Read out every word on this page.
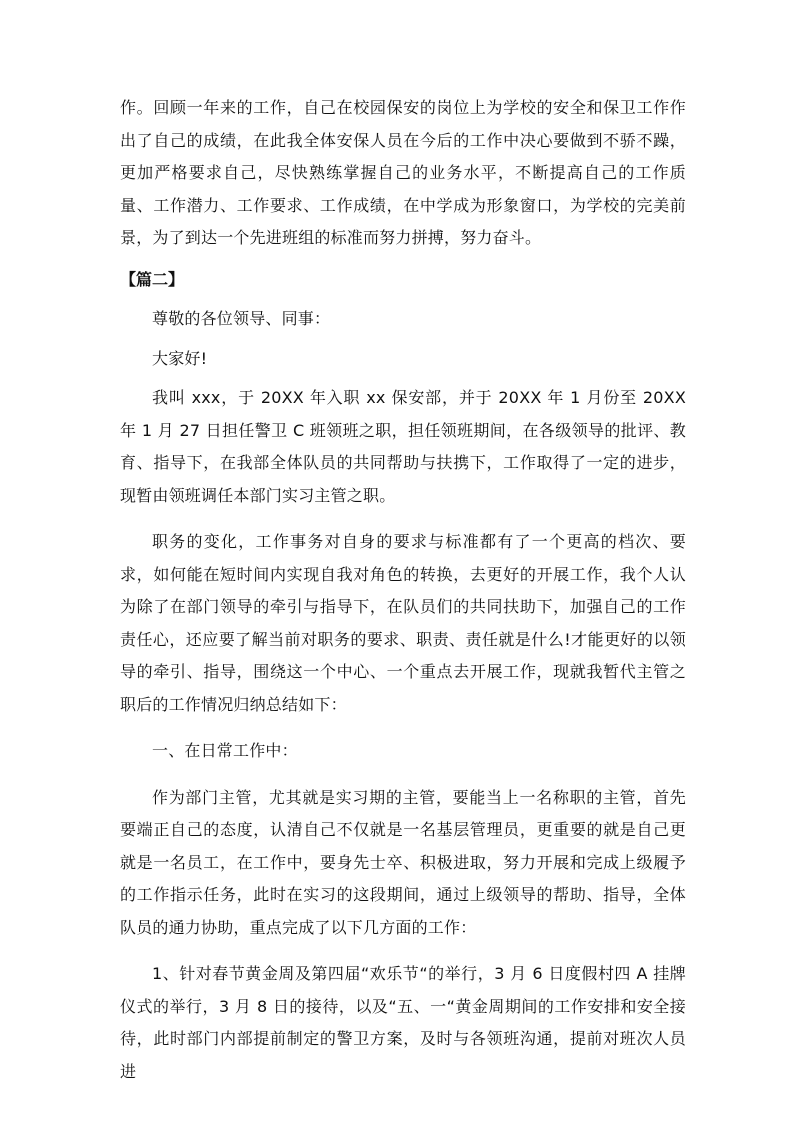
作。回顾一年来的工作，自己在校园保安的岗位上为学校的安全和保卫工作作出了自己的成绩，在此我全体安保人员在今后的工作中决心要做到不骄不躁，更加严格要求自己，尽快熟练掌握自己的业务水平，不断提高自己的工作质量、工作潜力、工作要求、工作成绩，在中学成为形象窗口，为学校的完美前景，为了到达一个先进班组的标准而努力拼搏，努力奋斗。

【篇二】

尊敬的各位领导、同事：

大家好!

我叫 xxx，于 20XX 年入职 xx 保安部，并于 20XX 年 1 月份至 20XX 年 1 月 27 日担任警卫 C 班领班之职，担任领班期间，在各级领导的批评、教育、指导下，在我部全体队员的共同帮助与扶携下，工作取得了一定的进步，现暂由领班调任本部门实习主管之职。

职务的变化，工作事务对自身的要求与标准都有了一个更高的档次、要求，如何能在短时间内实现自我对角色的转换，去更好的开展工作，我个人认为除了在部门领导的牵引与指导下，在队员们的共同扶助下，加强自己的工作责任心，还应要了解当前对职务的要求、职责、责任就是什么!才能更好的以领导的牵引、指导，围绕这一个中心、一个重点去开展工作，现就我暂代主管之职后的工作情况归纳总结如下：

一、在日常工作中：

作为部门主管，尤其就是实习期的主管，要能当上一名称职的主管，首先要端正自己的态度，认清自己不仅就是一名基层管理员，更重要的就是自己更就是一名员工，在工作中，要身先士卒、积极进取，努力开展和完成上级履予的工作指示任务，此时在实习的这段期间，通过上级领导的帮助、指导，全体队员的通力协助，重点完成了以下几方面的工作：

1、针对春节黄金周及第四届“欢乐节“的举行，3 月 6 日度假村四 A 挂牌仪式的举行，3 月 8 日的接待，以及“五、一“黄金周期间的工作安排和安全接待，此时部门内部提前制定的警卫方案，及时与各领班沟通，提前对班次人员进
